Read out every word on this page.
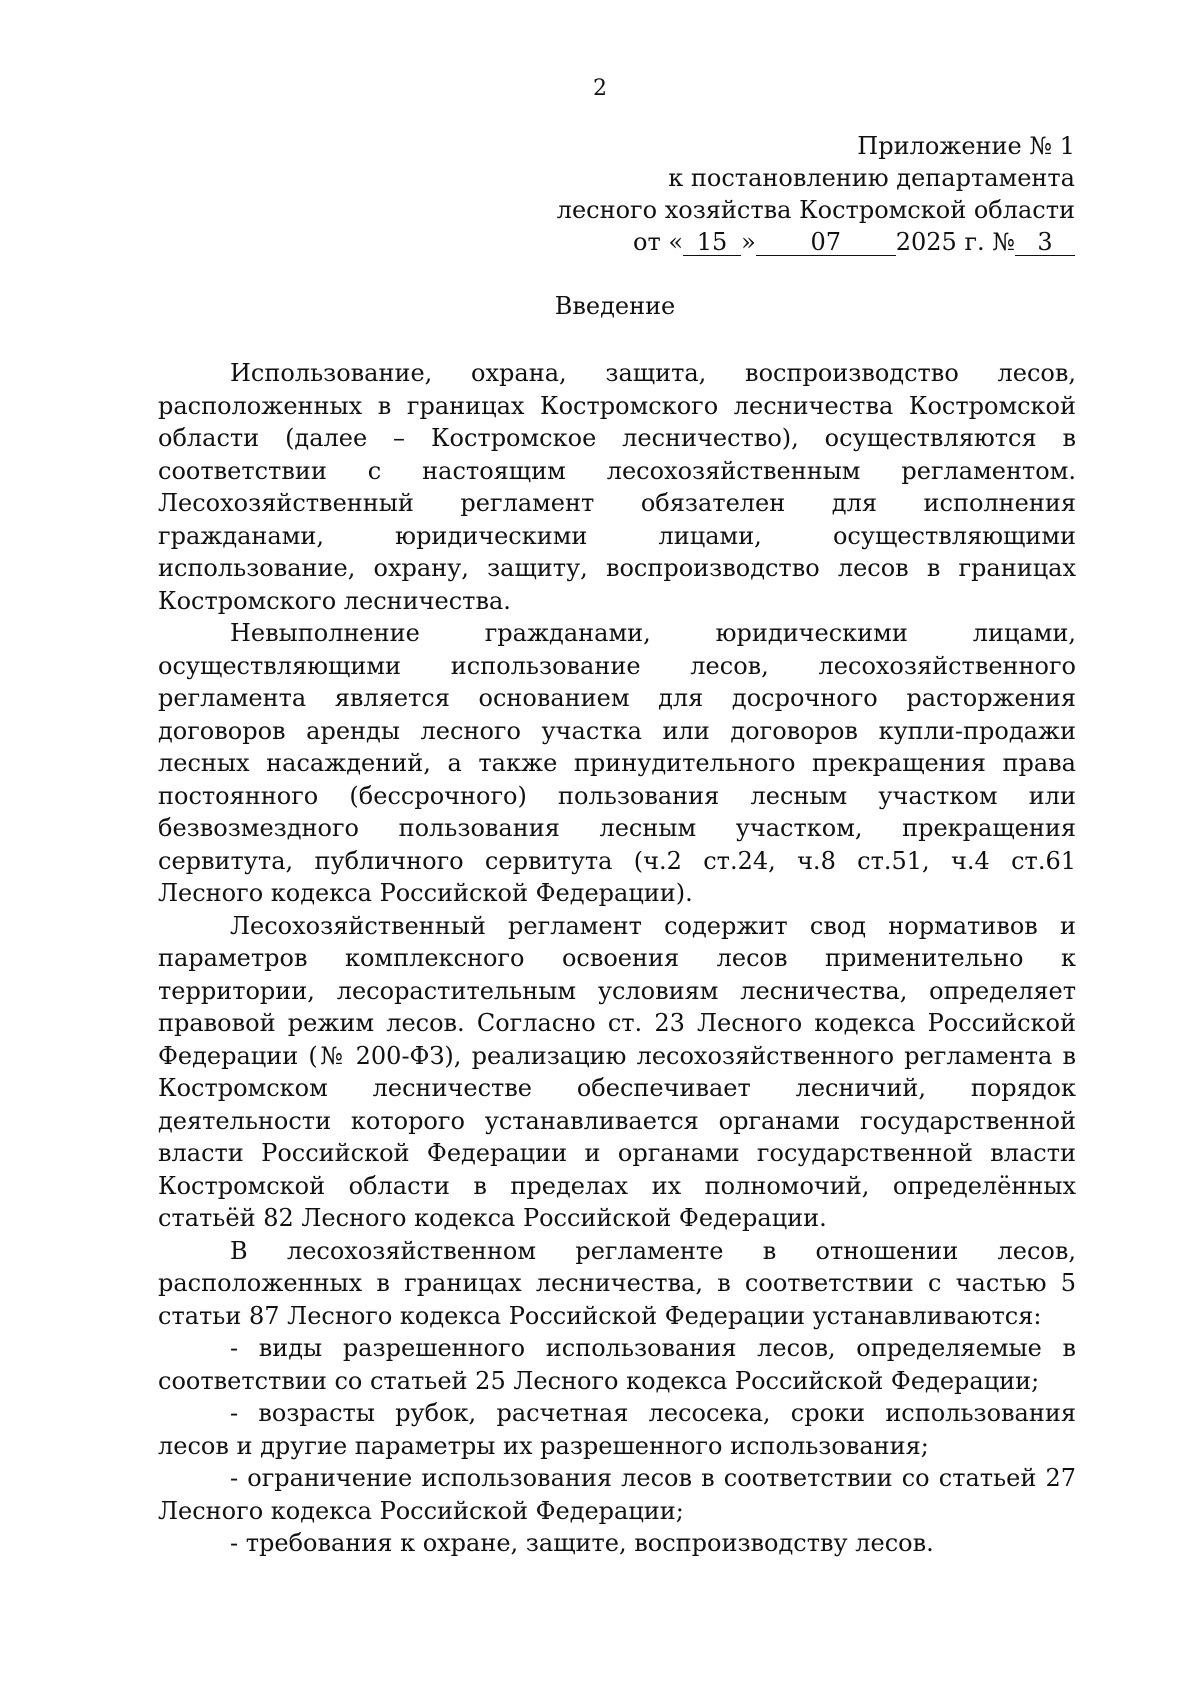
2
Приложение № 1
к постановлению департамента
лесного хозяйства Костромской области
от « 15 » 07 2025 г. № 3
Введение

Использование, охрана, защита, воспроизводство лесов, расположенных в границах Костромского лесничества Костромской области (далее – Костромское лесничество), осуществляются в соответствии с настоящим лесохозяйственным регламентом. Лесохозяйственный регламент обязателен для исполнения гражданами, юридическими лицами, осуществляющими использование, охрану, защиту, воспроизводство лесов в границах Костромского лесничества.

Невыполнение гражданами, юридическими лицами, осуществляющими использование лесов, лесохозяйственного регламента является основанием для досрочного расторжения договоров аренды лесного участка или договоров купли-продажи лесных насаждений, а также принудительного прекращения права постоянного (бессрочного) пользования лесным участком или безвозмездного пользования лесным участком, прекращения сервитута, публичного сервитута (ч.2 ст.24, ч.8 ст.51, ч.4 ст.61 Лесного кодекса Российской Федерации).

Лесохозяйственный регламент содержит свод нормативов и параметров комплексного освоения лесов применительно к территории, лесорастительным условиям лесничества, определяет правовой режим лесов. Согласно ст. 23 Лесного кодекса Российской Федерации (№ 200-ФЗ), реализацию лесохозяйственного регламента в Костромском лесничестве обеспечивает лесничий, порядок деятельности которого устанавливается органами государственной власти Российской Федерации и органами государственной власти Костромской области в пределах их полномочий, определённых статьёй 82 Лесного кодекса Российской Федерации.

В лесохозяйственном регламенте в отношении лесов, расположенных в границах лесничества, в соответствии с частью 5 статьи 87 Лесного кодекса Российской Федерации устанавливаются:

- виды разрешенного использования лесов, определяемые в соответствии со статьей 25 Лесного кодекса Российской Федерации;

- возрасты рубок, расчетная лесосека, сроки использования лесов и другие параметры их разрешенного использования;

- ограничение использования лесов в соответствии со статьей 27 Лесного кодекса Российской Федерации;

- требования к охране, защите, воспроизводству лесов.
